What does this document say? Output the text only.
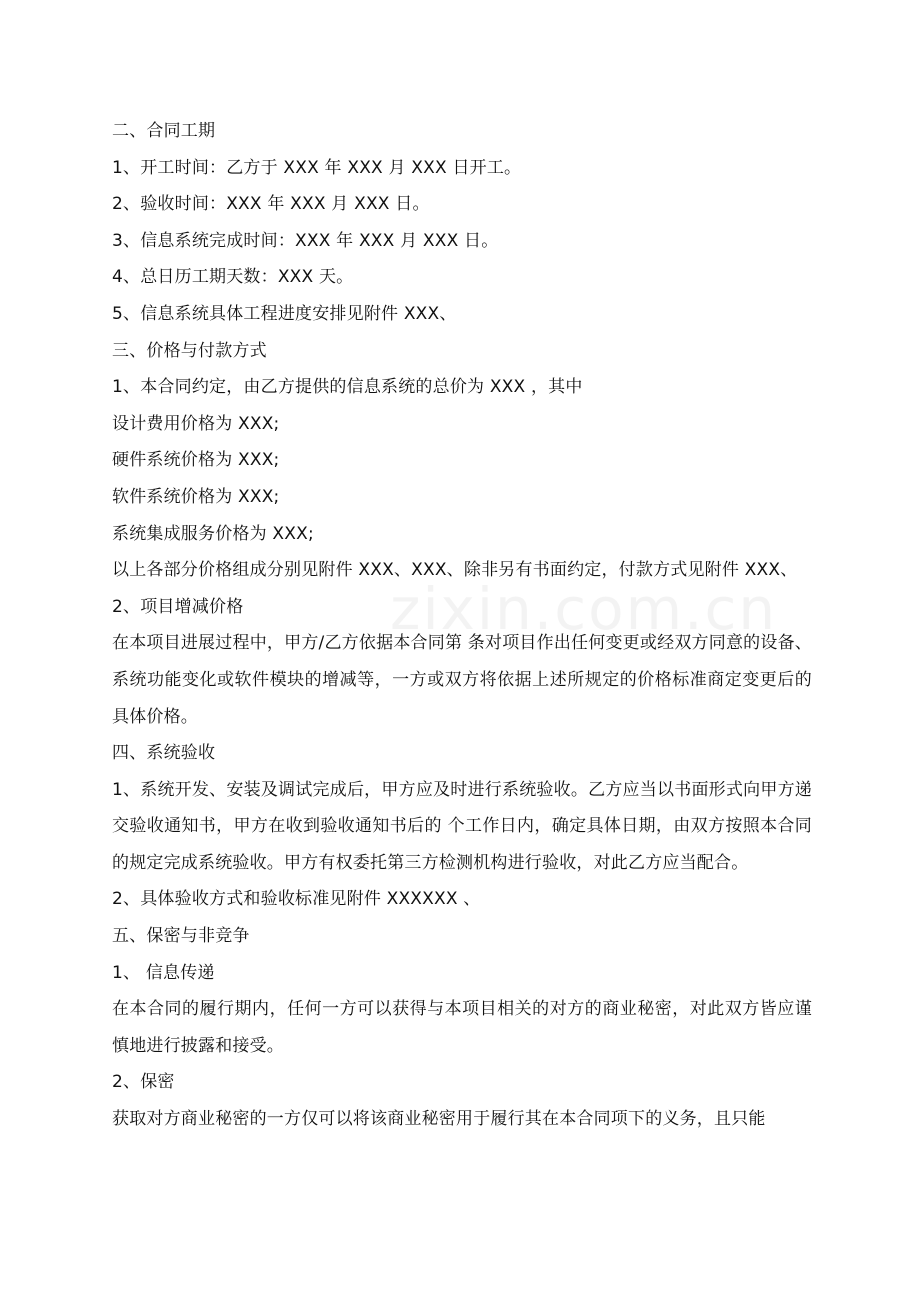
zixin.com.cn
二、合同工期
1、开工时间：乙方于 XXX 年 XXX 月 XXX 日开工。
2、验收时间：XXX 年 XXX 月 XXX 日。
3、信息系统完成时间：XXX 年 XXX 月 XXX 日。
4、总日历工期天数：XXX 天。
5、信息系统具体工程进度安排见附件 XXX、
三、价格与付款方式
1、本合同约定，由乙方提供的信息系统的总价为 XXX ，其中
设计费用价格为 XXX;
硬件系统价格为 XXX;
软件系统价格为 XXX;
系统集成服务价格为 XXX;
以上各部分价格组成分别见附件 XXX、XXX、除非另有书面约定，付款方式见附件 XXX、
2、项目增减价格
在本项目进展过程中，甲方/乙方依据本合同第 条对项目作出任何变更或经双方同意的设备、系统功能变化或软件模块的增减等，一方或双方将依据上述所规定的价格标准商定变更后的具体价格。
四、系统验收
1、系统开发、安装及调试完成后，甲方应及时进行系统验收。乙方应当以书面形式向甲方递交验收通知书，甲方在收到验收通知书后的 个工作日内，确定具体日期，由双方按照本合同的规定完成系统验收。甲方有权委托第三方检测机构进行验收，对此乙方应当配合。
2、具体验收方式和验收标准见附件 XXXXXX 、
五、保密与非竞争
1、 信息传递
在本合同的履行期内，任何一方可以获得与本项目相关的对方的商业秘密，对此双方皆应谨慎地进行披露和接受。
2、保密
获取对方商业秘密的一方仅可以将该商业秘密用于履行其在本合同项下的义务，且只能
